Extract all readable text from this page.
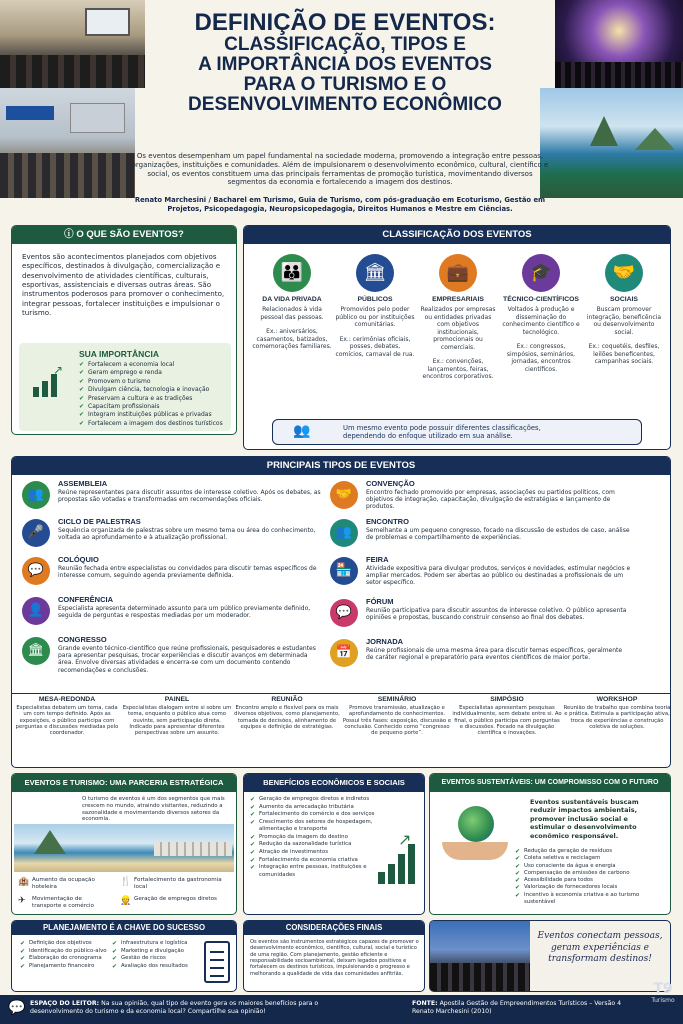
DEFINIÇÃO DE EVENTOS:
CLASSIFICAÇÃO, TIPOS E
A IMPORTÂNCIA DOS EVENTOS
PARA O TURISMO E O
DESENVOLVIMENTO ECONÔMICO
Os eventos desempenham um papel fundamental na sociedade moderna, promovendo a integração entre pessoas, organizações, instituições e comunidades. Além de impulsionarem o desenvolvimento econômico, cultural, científico e social, os eventos constituem uma das principais ferramentas de promoção turística, movimentando diversos segmentos da economia e fortalecendo a imagem dos destinos.
Renato Marchesini / Bacharel em Turismo, Guia de Turismo, com pós-graduação em Ecoturismo, Gestão em Projetos, Psicopedagogia, Neuropsicopedagogia, Direitos Humanos e Mestre em Ciências.
ⓘ O QUE SÃO EVENTOS?
Eventos são acontecimentos planejados com objetivos específicos, destinados à divulgação, comercialização e desenvolvimento de atividades científicas, culturais, esportivas, assistenciais e diversas outras áreas. São instrumentos poderosos para promover o conhecimento, integrar pessoas, fortalecer instituições e impulsionar o turismo.
↗
SUA IMPORTÂNCIA
✔ Fortalecem a economia local
✔ Geram emprego e renda
✔ Promovem o turismo
✔ Divulgam ciência, tecnologia e inovação
✔ Preservam a cultura e as tradições
✔ Capacitam profissionais
✔ Integram instituições públicas e privadas
✔ Fortalecem a imagem dos destinos turísticos
CLASSIFICAÇÃO DOS EVENTOS
👪
DA VIDA PRIVADA

Relacionados à vida pessoal das pessoas.

Ex.: aniversários, casamentos, batizados, comemorações familiares.

🏛
PÚBLICOS

Promovidos pelo poder público ou por instituições comunitárias.

Ex.: cerimônias oficiais, posses, debates, comícios, carnaval de rua.

💼
EMPRESARIAIS

Realizados por empresas ou entidades privadas com objetivos institucionais, promocionais ou comerciais.

Ex.: convenções, lançamentos, feiras, encontros corporativos.

🎓
TÉCNICO-CIENTÍFICOS

Voltados à produção e disseminação do conhecimento científico e tecnológico.

Ex.: congressos, simpósios, seminários, jornadas, encontros científicos.

🤝
SOCIAIS

Buscam promover integração, beneficência ou desenvolvimento social.

Ex.: coquetéis, desfiles, leilões beneficentes, campanhas sociais.

👥	Um mesmo evento pode possuir diferentes classificações, dependendo do enfoque utilizado em sua análise.
PRINCIPAIS TIPOS DE EVENTOS
👥
ASSEMBLEIA

Reúne representantes para discutir assuntos de interesse coletivo. Após os debates, as propostas são votadas e transformadas em recomendações oficiais.

🎤
CICLO DE PALESTRAS

Sequência organizada de palestras sobre um mesmo tema ou área do conhecimento, voltada ao aprofundamento e à atualização profissional.

💬
COLÓQUIO

Reunião fechada entre especialistas ou convidados para discutir temas específicos de interesse comum, seguindo agenda previamente definida.

👤
CONFERÊNCIA

Especialista apresenta determinado assunto para um público previamente definido, seguida de perguntas e respostas mediadas por um moderador.

🏛
CONGRESSO

Grande evento técnico-científico que reúne profissionais, pesquisadores e estudantes para apresentar pesquisas, trocar experiências e discutir avanços em determinada área. Envolve diversas atividades e encerra-se com um documento contendo recomendações e conclusões.

🤝
CONVENÇÃO

Encontro fechado promovido por empresas, associações ou partidos políticos, com objetivos de integração, capacitação, divulgação de estratégias e lançamento de produtos.

👥
ENCONTRO

Semelhante a um pequeno congresso, focado na discussão de estudos de caso, análise de problemas e compartilhamento de experiências.

🏪
FEIRA

Atividade expositiva para divulgar produtos, serviços e novidades, estimular negócios e ampliar mercados. Podem ser abertas ao público ou destinadas a profissionais de um setor específico.

💬
FÓRUM

Reunião participativa para discutir assuntos de interesse coletivo. O público apresenta opiniões e propostas, buscando construir consenso ao final dos debates.

📅
JORNADA

Reúne profissionais de uma mesma área para discutir temas específicos, geralmente de caráter regional e preparatório para eventos científicos de maior porte.

MESA-REDONDA

Especialistas debatem um tema, cada um com tempo definido. Após as exposições, o público participa com perguntas e discussões mediadas pelo coordenador.

PAINEL

Especialistas dialogam entre si sobre um tema, enquanto o público atua como ouvinte, sem participação direta. Indicado para apresentar diferentes perspectivas sobre um assunto.

REUNIÃO

Encontro amplo e flexível para os mais diversos objetivos, como planejamento, tomada de decisões, alinhamento de equipes e definição de estratégias.

SEMINÁRIO

Promove transmissão, atualização e aprofundamento de conhecimentos. Possui três fases: exposição, discussão e conclusão. Conhecido como “congresso de pequeno porte”.

SIMPÓSIO

Especialistas apresentam pesquisas individualmente, sem debate entre si. Ao final, o público participa com perguntas e discussões. Focado na divulgação científica e inovações.

WORKSHOP

Reunião de trabalho que combina teoria e prática. Estimula a participação ativa, troca de experiências e construção coletiva de soluções.

EVENTOS E TURISMO: UMA PARCERIA ESTRATÉGICA
O turismo de eventos é um dos segmentos que mais crescem no mundo, atraindo visitantes, reduzindo a sazonalidade e movimentando diversos setores da economia.
🏨 Aumento da ocupação hoteleira	🍴 Fortalecimento da gastronomia local
✈ Movimentação de transporte e comércio	👷 Geração de empregos diretos
BENEFÍCIOS ECONÔMICOS E SOCIAIS
✔ Geração de empregos diretos e indiretos
✔ Aumento da arrecadação tributária
✔ Fortalecimento do comércio e dos serviços
✔ Crescimento dos setores de hospedagem, alimentação e transporte
✔ Promoção da imagem do destino
✔ Redução da sazonalidade turística
✔ Atração de investimentos
✔ Fortalecimento da economia criativa
✔ Integração entre pessoas, instituições e comunidades
↗
EVENTOS SUSTENTÁVEIS: UM COMPROMISSO COM O FUTURO
Eventos sustentáveis buscam reduzir impactos ambientais, promover inclusão social e estimular o desenvolvimento econômico responsável.
✔ Redução da geração de resíduos
✔ Coleta seletiva e reciclagem
✔ Uso consciente da água e energia
✔ Compensação de emissões de carbono
✔ Acessibilidade para todos
✔ Valorização de fornecedores locais
✔ Incentivo à economia criativa e ao turismo sustentável
PLANEJAMENTO É A CHAVE DO SUCESSO
✔ Definição dos objetivos
✔ Identificação do público-alvo
✔ Elaboração do cronograma
✔ Planejamento financeiro
✔ Infraestrutura e logística
✔ Marketing e divulgação
✔ Gestão de riscos
✔ Avaliação dos resultados
CONSIDERAÇÕES FINAIS
Os eventos são instrumentos estratégicos capazes de promover o desenvolvimento econômico, científico, cultural, social e turístico de uma região. Com planejamento, gestão eficiente e responsabilidade socioambiental, deixam legados positivos e fortalecem os destinos turísticos, impulsionando o progresso e melhorando a qualidade de vida das comunidades anfitriãs.
Eventos conectam pessoas, geram experiências e transformam destinos!
💬 ESPAÇO DO LEITOR: Na sua opinião, qual tipo de evento gera os maiores benefícios para o desenvolvimento do turismo e da economia local? Compartilhe sua opinião!
FONTE: Apostila Gestão de Empreendimentos Turísticos – Versão 4
Renato Marchesini (2010)
T9
Turismo
